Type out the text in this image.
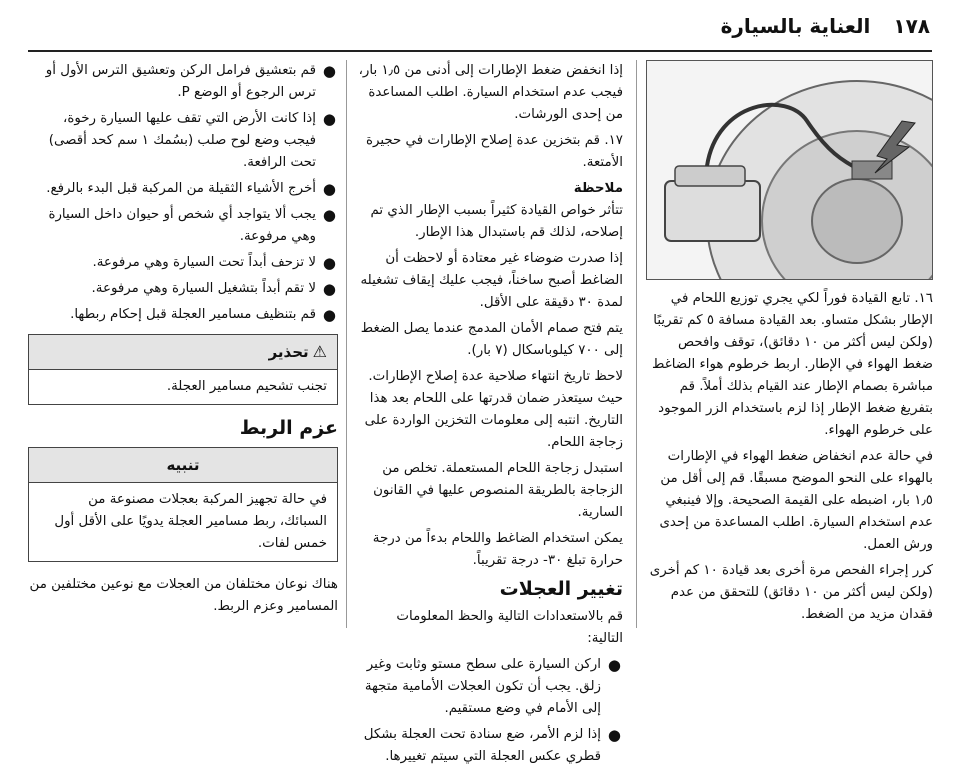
١٧٨ العناية بالسيارة

١٦. تابع القيادة فوراً لكي يجري توزيع اللحام في الإطار بشكل متساو. بعد القيادة مسافة ٥ كم تقريبًا (ولكن ليس أكثر من ١٠ دقائق)، توقف وافحص ضغط الهواء في الإطار. اربط خرطوم هواء الضاغط مباشرة بصمام الإطار عند القيام بذلك أملاً. قم بتفريغ ضغط الإطار إذا لزم باستخدام الزر الموجود على خرطوم الهواء.

في حالة عدم انخفاض ضغط الهواء في الإطارات بالهواء على النحو الموضح مسبقًا. قم إلى أقل من ١٫٥ بار، اضبطه على القيمة الصحيحة. وإلا فينبغي عدم استخدام السيارة. اطلب المساعدة من إحدى ورش العمل.

كرر إجراء الفحص مرة أخرى بعد قيادة ١٠ كم أخرى (ولكن ليس أكثر من ١٠ دقائق) للتحقق من عدم فقدان مزيد من الضغط.

إذا انخفض ضغط الإطارات إلى أدنى من ١٫٥ بار، فيجب عدم استخدام السيارة. اطلب المساعدة من إحدى الورشات.

١٧. قم بتخزين عدة إصلاح الإطارات في حجيرة الأمتعة.

ملاحظة

تتأثر خواص القيادة كثيراً بسبب الإطار الذي تم إصلاحه، لذلك قم باستبدال هذا الإطار.

إذا صدرت ضوضاء غير معتادة أو لاحظت أن الضاغط أصبح ساخناً، فيجب عليك إيقاف تشغيله لمدة ٣٠ دقيقة على الأقل.

يتم فتح صمام الأمان المدمج عندما يصل الضغط إلى ٧٠٠ كيلوباسكال (٧ بار).

لاحظ تاريخ انتهاء صلاحية عدة إصلاح الإطارات. حيث سيتعذر ضمان قدرتها على اللحام بعد هذا التاريخ. انتبه إلى معلومات التخزين الواردة على زجاجة اللحام.

استبدل زجاجة اللحام المستعملة. تخلص من الزجاجة بالطريقة المنصوص عليها في القانون السارية.

يمكن استخدام الضاغط واللحام بدءاً من درجة حرارة تبلغ ٣٠- درجة تقريباً.

تغيير العجلات

قم بالاستعدادات التالية والحظ المعلومات التالية:

●
اركن السيارة على سطح مستو وثابت وغير زلق. يجب أن تكون العجلات الأمامية متجهة إلى الأمام في وضع مستقيم.
●
إذا لزم الأمر، ضع سنادة تحت العجلة بشكل قطري عكس العجلة التي سيتم تغييرها.
●
قم بتعشيق فرامل الركن وتعشيق الترس الأول أو ترس الرجوع أو الوضع P.
●
إذا كانت الأرض التي تقف عليها السيارة رخوة، فيجب وضع لوح صلب (بسُمك ١ سم كحد أقصى) تحت الرافعة.
●
أخرج الأشياء الثقيلة من المركبة قبل البدء بالرفع.
●
يجب ألا يتواجد أي شخص أو حيوان داخل السيارة وهي مرفوعة.
●
لا تزحف أبداً تحت السيارة وهي مرفوعة.
●
لا تقم أبداً بتشغيل السيارة وهي مرفوعة.
●
قم بتنظيف مسامير العجلة قبل إحكام ربطها.
⚠تحذير
تجنب تشحيم مسامير العجلة.
عزم الربط
تنبيه
في حالة تجهيز المركبة بعجلات مصنوعة من السبائك، ربط مسامير العجلة يدويًا على الأقل أول خمس لفات.

هناك نوعان مختلفان من العجلات مع نوعين مختلفين من المسامير وعزم الربط.
